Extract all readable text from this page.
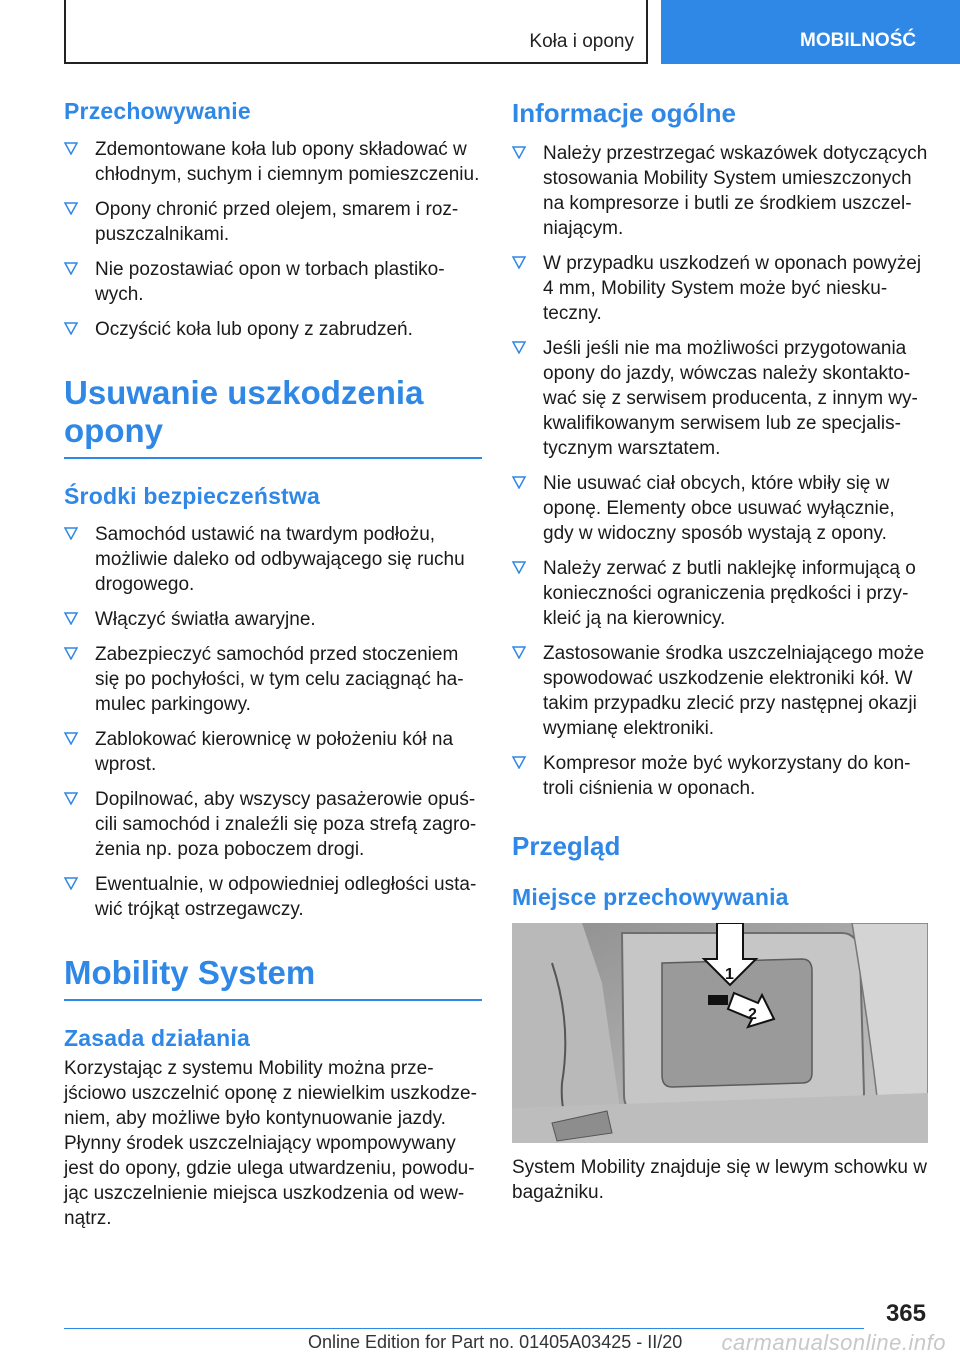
Koła i opony	MOBILNOŚĆ
Przechowywanie
Zdemontowane koła lub opony składować w chłodnym, suchym i ciemnym pomieszczeniu.
Opony chronić przed olejem, smarem i rozpuszczalnikami.
Nie pozostawiać opon w torbach plastikowych.
Oczyścić koła lub opony z zabrudzeń.
Usuwanie uszkodzenia opony
Środki bezpieczeństwa
Samochód ustawić na twardym podłożu, możliwie daleko od odbywającego się ruchu drogowego.
Włączyć światła awaryjne.
Zabezpieczyć samochód przed stoczeniem się po pochyłości, w tym celu zaciągnąć hamulec parkingowy.
Zablokować kierownicę w położeniu kół na wprost.
Dopilnować, aby wszyscy pasażerowie opuścili samochód i znaleźli się poza strefą zagrożenia np. poza poboczem drogi.
Ewentualnie, w odpowiedniej odległości ustawić trójkąt ostrzegawczy.
Mobility System
Zasada działania

Korzystając z systemu Mobility można przejściowo uszczelnić oponę z niewielkim uszkodzeniem, aby możliwe było kontynuowanie jazdy. Płynny środek uszczelniający wpompowywany jest do opony, gdzie ulega utwardzeniu, powodując uszczelnienie miejsca uszkodzenia od wewnątrz.

Informacje ogólne
Należy przestrzegać wskazówek dotyczących stosowania Mobility System umieszczonych na kompresorze i butli ze środkiem uszczelniającym.
W przypadku uszkodzeń w oponach powyżej 4 mm, Mobility System może być nieskuteczny.
Jeśli jeśli nie ma możliwości przygotowania opony do jazdy, wówczas należy skontaktować się z serwisem producenta, z innym wykwalifikowanym serwisem lub ze specjalistycznym warsztatem.
Nie usuwać ciał obcych, które wbiły się w oponę. Elementy obce usuwać wyłącznie, gdy w widoczny sposób wystają z opony.
Należy zerwać z butli naklejkę informującą o konieczności ograniczenia prędkości i przykleić ją na kierownicy.
Zastosowanie środka uszczelniającego może spowodować uszkodzenie elektroniki kół. W takim przypadku zlecić przy następnej okazji wymianę elektroniki.
Kompresor może być wykorzystany do kontroli ciśnienia w oponach.
Przegląd
Miejsce przechowywania
1
2

System Mobility znajduje się w lewym schowku w bagażniku.

365
Online Edition for Part no. 01405A03425 - II/20 carmanualsonline.info
